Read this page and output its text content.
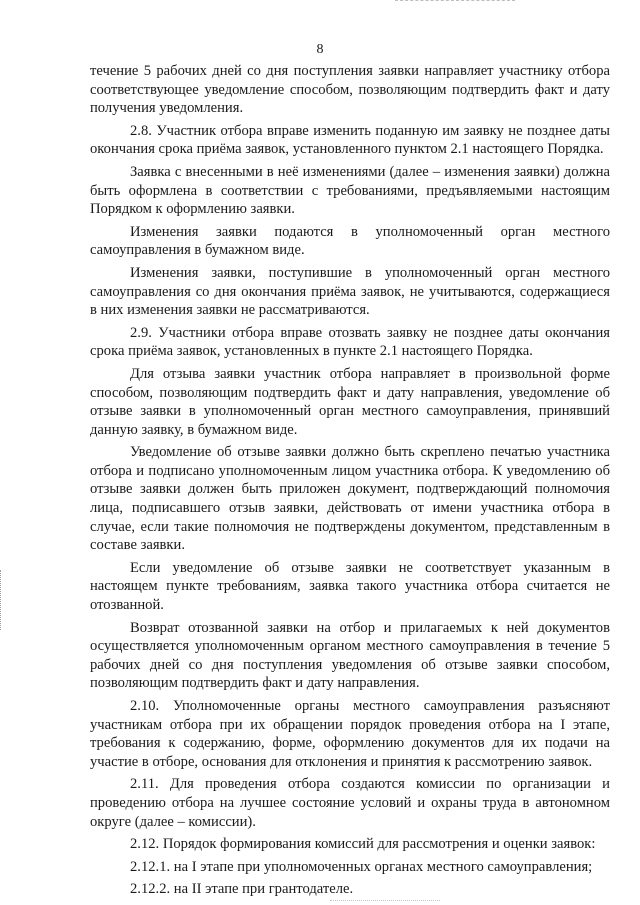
8

течение 5 рабочих дней со дня поступления заявки направляет участнику отбора соответствующее уведомление способом, позволяющим подтвердить факт и дату получения уведомления.

2.8. Участник отбора вправе изменить поданную им заявку не позднее даты окончания срока приёма заявок, установленного пунктом 2.1 настоящего Порядка.

Заявка с внесенными в неё изменениями (далее – изменения заявки) должна быть оформлена в соответствии с требованиями, предъявляемыми настоящим Порядком к оформлению заявки.

Изменения заявки подаются в уполномоченный орган местного самоуправления в бумажном виде.

Изменения заявки, поступившие в уполномоченный орган местного самоуправления со дня окончания приёма заявок, не учитываются, содержащиеся в них изменения заявки не рассматриваются.

2.9. Участники отбора вправе отозвать заявку не позднее даты окончания срока приёма заявок, установленных в пункте 2.1 настоящего Порядка.

Для отзыва заявки участник отбора направляет в произвольной форме способом, позволяющим подтвердить факт и дату направления, уведомление об отзыве заявки в уполномоченный орган местного самоуправления, принявший данную заявку, в бумажном виде.

Уведомление об отзыве заявки должно быть скреплено печатью участника отбора и подписано уполномоченным лицом участника отбора. К уведомлению об отзыве заявки должен быть приложен документ, подтверждающий полномочия лица, подписавшего отзыв заявки, действовать от имени участника отбора в случае, если такие полномочия не подтверждены документом, представленным в составе заявки.

Если уведомление об отзыве заявки не соответствует указанным в настоящем пункте требованиям, заявка такого участника отбора считается не отозванной.

Возврат отозванной заявки на отбор и прилагаемых к ней документов осуществляется уполномоченным органом местного самоуправления в течение 5 рабочих дней со дня поступления уведомления об отзыве заявки способом, позволяющим подтвердить факт и дату направления.

2.10. Уполномоченные органы местного самоуправления разъясняют участникам отбора при их обращении порядок проведения отбора на I этапе, требования к содержанию, форме, оформлению документов для их подачи на участие в отборе, основания для отклонения и принятия к рассмотрению заявок.

2.11. Для проведения отбора создаются комиссии по организации и проведению отбора на лучшее состояние условий и охраны труда в автономном округе (далее – комиссии).

2.12. Порядок формирования комиссий для рассмотрения и оценки заявок:

2.12.1. на I этапе при уполномоченных органах местного самоуправления;

2.12.2. на II этапе при грантодателе.
